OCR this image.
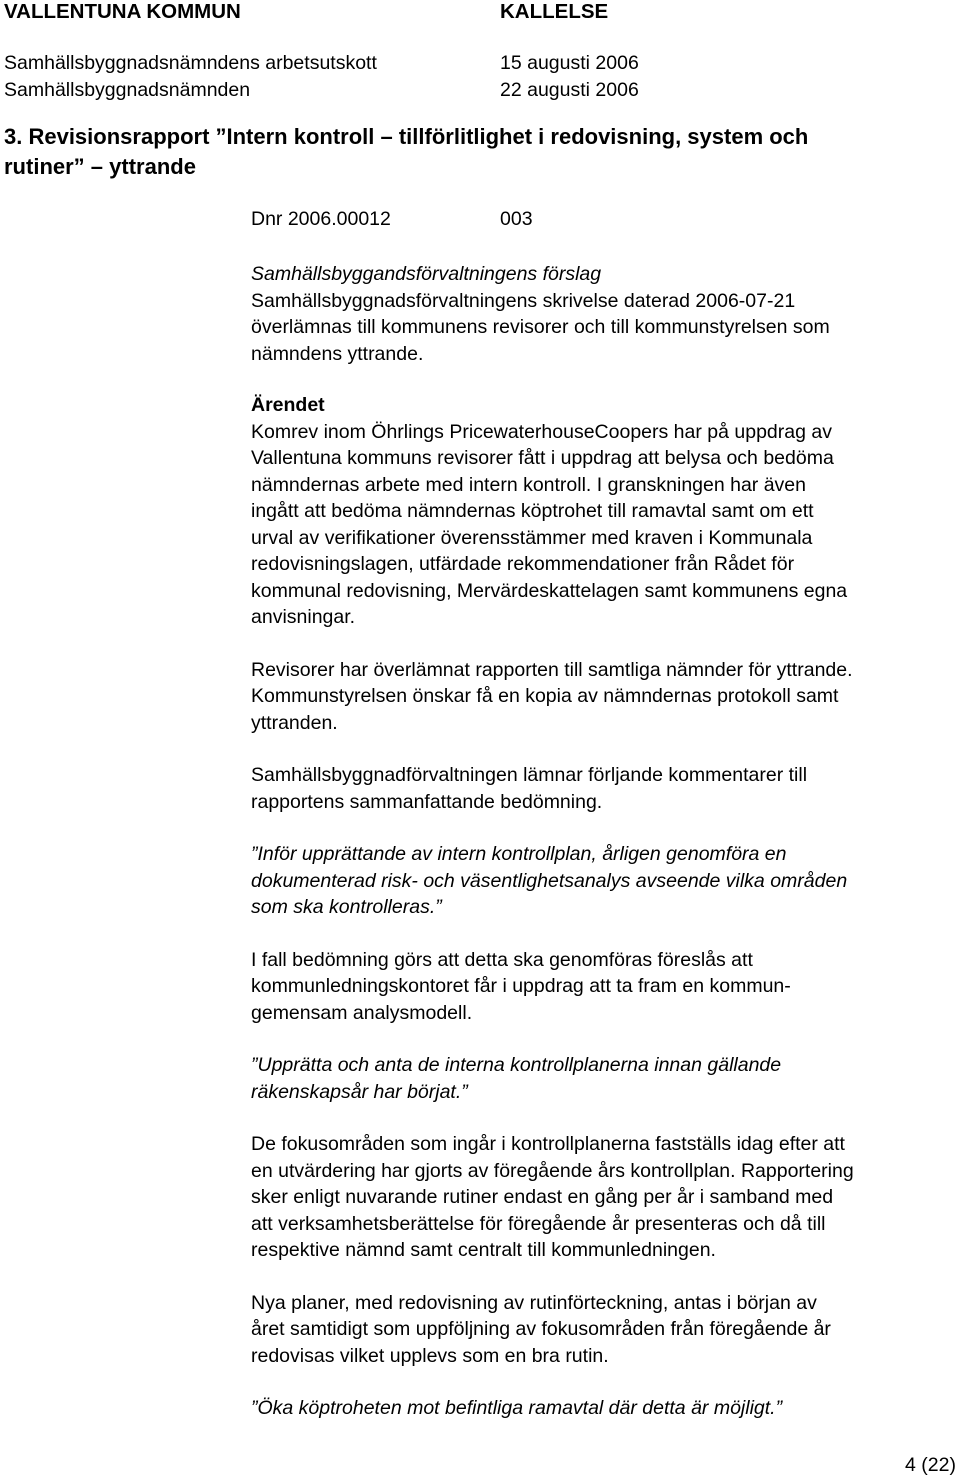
VALLENTUNA KOMMUN	KALLELSE
Samhällsbyggnadsnämndens arbetsutskott	15 augusti 2006
Samhällsbyggnadsnämnden	22 augusti 2006
3. Revisionsrapport ”Intern kontroll – tillförlitlighet i redovisning, system och
rutiner” – yttrande
Dnr 2006.00012	003
Samhällsbyggandsförvaltningens förslag
Samhällsbyggnadsförvaltningens skrivelse daterad 2006-07-21
överlämnas till kommunens revisorer och till kommunstyrelsen som
nämndens yttrande.
Ärendet

Komrev inom Öhrlings PricewaterhouseCoopers har på uppdrag av
Vallentuna kommuns revisorer fått i uppdrag att belysa och bedöma
nämndernas arbete med intern kontroll. I granskningen har även
ingått att bedöma nämndernas köptrohet till ramavtal samt om ett
urval av verifikationer överensstämmer med kraven i Kommunala
redovisningslagen, utfärdade rekommendationer från Rådet för
kommunal redovisning, Mervärdeskattelagen samt kommunens egna
anvisningar.

Revisorer har överlämnat rapporten till samtliga nämnder för yttrande.
Kommunstyrelsen önskar få en kopia av nämndernas protokoll samt
yttranden.

Samhällsbyggnadförvaltningen lämnar förljande kommentarer till
rapportens sammanfattande bedömning.

”Inför upprättande av intern kontrollplan, årligen genomföra en
dokumenterad risk- och väsentlighetsanalys avseende vilka områden
som ska kontrolleras.”

I fall bedömning görs att detta ska genomföras föreslås att
kommunledningskontoret får i uppdrag att ta fram en kommun-
gemensam analysmodell.

”Upprätta och anta de interna kontrollplanerna innan gällande
räkenskapsår har börjat.”

De fokusområden som ingår i kontrollplanerna fastställs idag efter att
en utvärdering har gjorts av föregående års kontrollplan. Rapportering
sker enligt nuvarande rutiner endast en gång per år i samband med
att verksamhetsberättelse för föregående år presenteras och då till
respektive nämnd samt centralt till kommunledningen.

Nya planer, med redovisning av rutinförteckning, antas i början av
året samtidigt som uppföljning av fokusområden från föregående år
redovisas vilket upplevs som en bra rutin.

”Öka köptroheten mot befintliga ramavtal där detta är möjligt.”

4 (22)
